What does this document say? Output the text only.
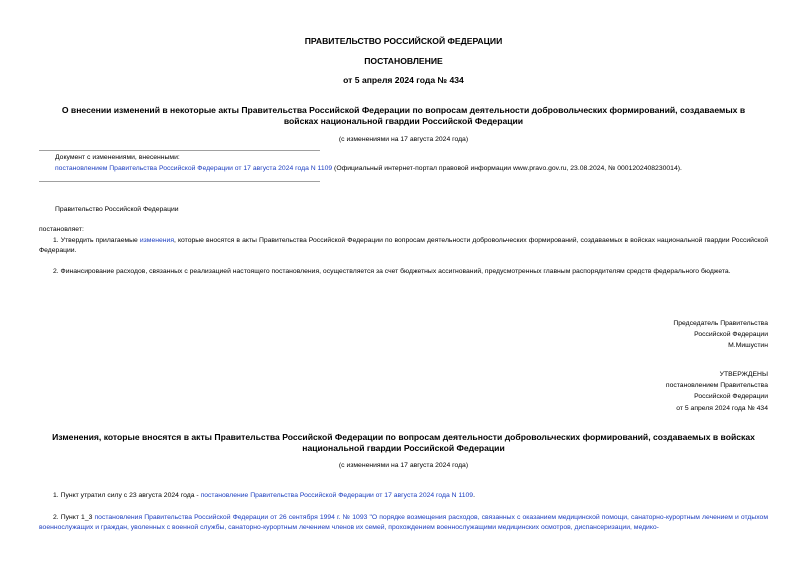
ПРАВИТЕЛЬСТВО РОССИЙСКОЙ ФЕДЕРАЦИИ
ПОСТАНОВЛЕНИЕ
от 5 апреля 2024 года № 434
О внесении изменений в некоторые акты Правительства Российской Федерации по вопросам деятельности добровольческих формирований, создаваемых в
войсках национальной гвардии Российской Федерации
(с изменениями на 17 августа 2024 года)
Документ с изменениями, внесенными:
постановлением Правительства Российской Федерации от 17 августа 2024 года N 1109 (Официальный интернет-портал правовой информации www.pravo.gov.ru, 23.08.2024, № 0001202408230014).
Правительство Российской Федерации
постановляет:
1. Утвердить прилагаемые изменения, которые вносятся в акты Правительства Российской Федерации по вопросам деятельности добровольческих формирований, создаваемых в войсках национальной гвардии Российской Федерации.
2. Финансирование расходов, связанных с реализацией настоящего постановления, осуществляется за счет бюджетных ассигнований, предусмотренных главным распорядителям средств федерального бюджета.
Председатель Правительства
Российской Федерации
М.Мишустин
УТВЕРЖДЕНЫ
постановлением Правительства
Российской Федерации
от 5 апреля 2024 года № 434
Изменения, которые вносятся в акты Правительства Российской Федерации по вопросам деятельности добровольческих формирований, создаваемых в войсках
национальной гвардии Российской Федерации
(с изменениями на 17 августа 2024 года)
1. Пункт утратил силу с 23 августа 2024 года - постановление Правительства Российской Федерации от 17 августа 2024 года N 1109.
2. Пункт 1_3 постановления Правительства Российской Федерации от 26 сентября 1994 г. № 1093 "О порядке возмещения расходов, связанных с оказанием медицинской помощи, санаторно-курортным лечением и отдыхом военнослужащих и граждан, уволенных с военной службы, санаторно-курортным лечением членов их семей, прохождением военнослужащими медицинских осмотров, диспансеризации, медико-
